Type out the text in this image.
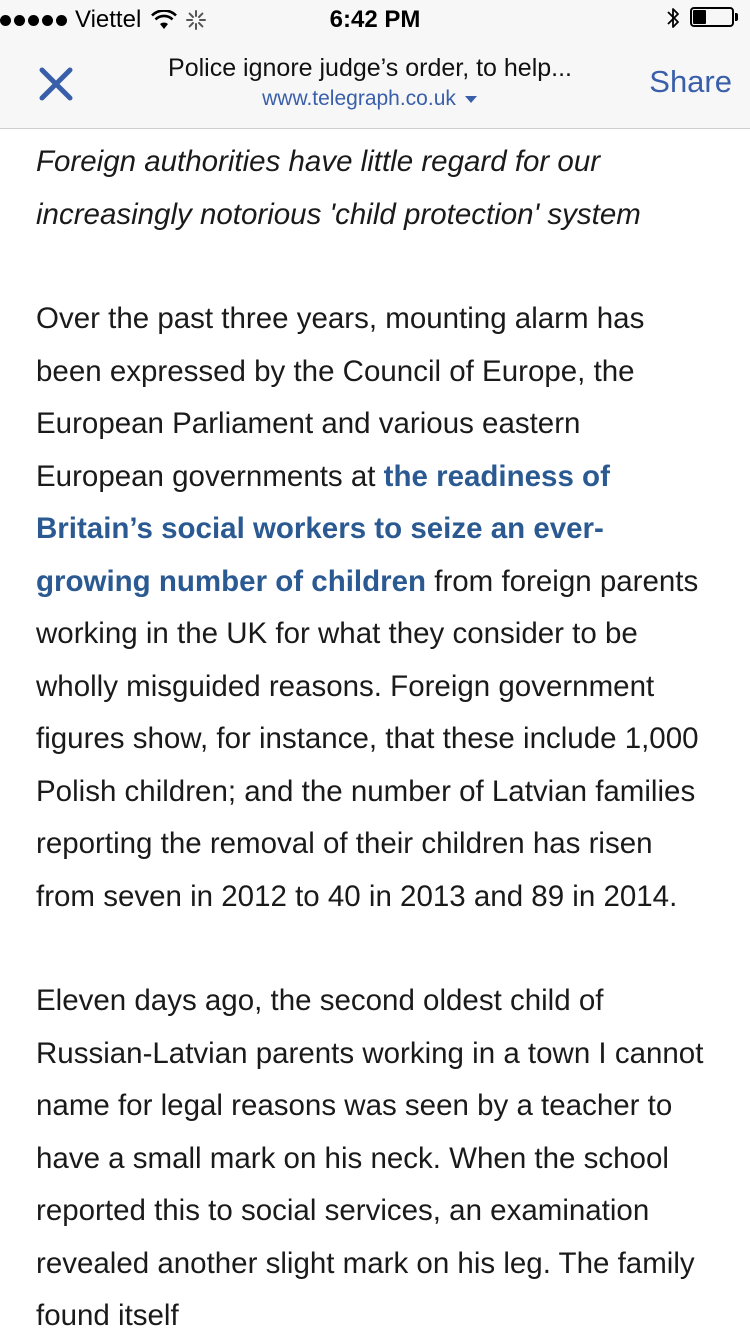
Viettel	6:42 PM
Police ignore judge’s order, to help...
www.telegraph.co.uk	Share

Foreign authorities have little regard for our increasingly notorious 'child protection' system

Over the past three years, mounting alarm has been expressed by the Council of Europe, the European Parliament and various eastern European governments at the readiness of Britain’s social workers to seize an ever-growing number of children from foreign parents working in the UK for what they consider to be wholly misguided reasons. Foreign government figures show, for instance, that these include 1,000 Polish children; and the number of Latvian families reporting the removal of their children has risen from seven in 2012 to 40 in 2013 and 89 in 2014.

Eleven days ago, the second oldest child of Russian-Latvian parents working in a town I cannot name for legal reasons was seen by a teacher to have a small mark on his neck. When the school reported this to social services, an examination revealed another slight mark on his leg. The family found itself
